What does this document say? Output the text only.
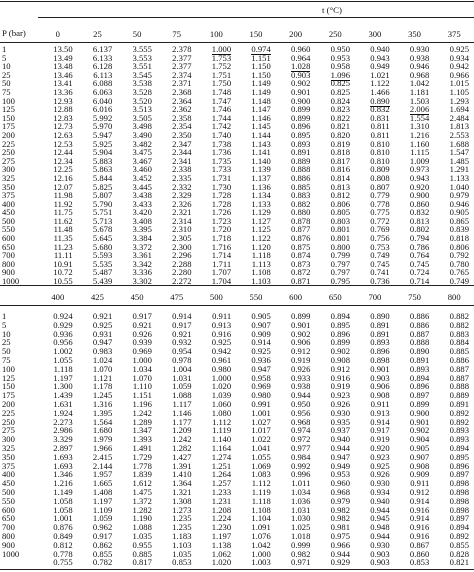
t (°C)
P (bar)	0	25	50	75	100	150	200	250	300	350	375
1	13.50	6.137	3.555	2.378	1.000	0.974	0.960	0.950	0.940	0.930	0.925
5	13.49	6.133	3.553	2.377	1.753	1.151	0.964	0.953	0.943	0.938	0.934
10	13.48	6.128	3.551	2.377	1.752	1.150	1.028	0.958	0.949	0.946	0.942
25	13.46	6.113	3.545	2.374	1.751	1.150	0.903	1.096	1.021	0.968	0.966
50	13.41	6.088	3.538	2.371	1.750	1.149	0.902	0.825	1.122	1.042	1.015
75	13.36	6.063	3.528	2.368	1.748	1.149	0.901	0.825	1.466	1.181	1.105
100	12.93	6.040	3.520	2.364	1.747	1.148	0.900	0.824	0.890	1.503	1.293
125	12.88	6.016	3.513	2.362	1.746	1.147	0.899	0.823	0.832	2.006	1.694
150	12.83	5.992	3.505	2.358	1.744	1.146	0.899	0.822	0.831	1.554	2.484
175	12.73	5.970	3.498	2.354	1.742	1.145	0.896	0.821	0.811	1.310	1.813
200	12.63	5.947	3.490	2.350	1.740	1.144	0.895	0.820	0.811	1.216	2.553
225	12.53	5.925	3.482	2.347	1.738	1.143	0.893	0.819	0.810	1.160	1.688
250	12.44	5.904	3.475	2.344	1.736	1.141	0.891	0.818	0.810	1.115	1.547
275	12.34	5.883	3.467	2.341	1.735	1.140	0.889	0.817	0.810	1.009	1.485
300	12.25	5.863	3.460	2.338	1.733	1.139	0.888	0.816	0.809	0.973	1.291
325	12.16	5.844	3.452	2.335	1.731	1.137	0.886	0.814	0.808	0.943	1.133
350	12.07	5.825	3.445	2.332	1.730	1.136	0.885	0.813	0.807	0.920	1.040
375	11.98	5.807	3.438	2.329	1.728	1.134	0.883	0.812	0.779	0.900	0.979
400	11.92	5.790	3.433	2.326	1.728	1.133	0.882	0.806	0.778	0.860	0.946
450	11.75	5.751	3.420	2.321	1.726	1.129	0.880	0.805	0.775	0.832	0.905
500	11.62	5.713	3.408	2.314	1.723	1.127	0.878	0.803	0.772	0.813	0.865
550	11.48	5.678	3.395	2.310	1.720	1.125	0.877	0.801	0.769	0.802	0.839
600	11.35	5.645	3.384	2.305	1.718	1.122	0.876	0.801	0.756	0.794	0.818
650	11.23	5.680	3.372	2.300	1.716	1.120	0.875	0.800	0.753	0.786	0.806
700	11.11	5.593	3.361	2.296	1.714	1.118	0.874	0.799	0.749	0.764	0.792
800	10.91	5.535	3.342	2.288	1.711	1.113	0.873	0.797	0.745	0.745	0.780
900	10.72	5.487	3.336	2.280	1.707	1.108	0.872	0.797	0.741	0.724	0.765
1000	10.55	5.439	3.302	2.272	1.704	1.103	0.871	0.795	0.736	0.714	0.749
400	425	450	475	500	550	600	650	700	750	800
1	0.924	0.921	0.917	0.914	0.911	0.905	0.899	0.894	0.890	0.886	0.882
5	0.929	0.925	0.921	0.917	0.913	0.907	0.901	0.895	0.891	0.886	0.882
10	0.936	0.931	0.926	0.921	0.916	0.909	0.902	0.896	0.891	0.887	0.883
25	0.956	0.947	0.939	0.932	0.925	0.914	0.906	0.899	0.893	0.888	0.884
50	1.002	0.983	0.969	0.954	0.942	0.925	0.912	0.902	0.896	0.890	0.885
75	1.055	1.024	1.000	0.978	0.961	0.936	0.919	0.908	0.898	0.891	0.886
100	1.118	1.070	1.034	1.004	0.980	0.947	0.926	0.912	0.901	0.893	0.887
125	1.197	1.121	1.070	1.031	1.000	0.958	0.933	0.916	0.903	0.894	0.887
150	1.300	1.178	1.110	1.059	1.020	0.969	0.938	0.919	0.906	0.896	0.888
175	1.439	1.245	1.151	1.088	1.039	0.980	0.944	0.923	0.908	0.897	0.889
200	1.631	1.316	1.196	1.117	1.060	0.991	0.950	0.926	0.911	0.899	0.891
225	1.924	1.395	1.242	1.146	1.080	1.001	0.956	0.930	0.913	0.900	0.892
250	2.273	1.564	1.289	1.177	1.112	1.027	0.968	0.935	0.914	0.901	0.892
275	2.986	1.680	1.347	1.209	1.119	1.017	0.974	0.937	0.917	0.902	0.893
300	3.329	1.979	1.393	1.242	1.140	1.022	0.972	0.940	0.919	0.904	0.893
325	2.897	1.966	1.491	1.282	1.164	1.041	0.977	0.944	0.920	0.905	0.894
350	1.693	2.415	1.729	1.427	1.274	1.055	0.984	0.947	0.923	0.907	0.895
375	1.693	2.144	1.778	1.391	1.251	1.069	0.992	0.949	0.925	0.908	0.896
400	1.346	1.957	1.839	1.410	1.264	1.083	0.996	0.953	0.926	0.909	0.897
450	1.216	1.665	1.612	1.364	1.257	1.112	1.011	0.960	0.930	0.911	0.898
500	1.149	1.408	1.475	1.321	1.233	1.119	1.034	0.968	0.934	0.912	0.898
550	1.058	1.197	1.372	1.308	1.231	1.118	1.036	0.979	0.940	0.914	0.898
600	1.058	1.109	1.282	1.273	1.208	1.108	1.031	0.982	0.944	0.916	0.898
650	1.001	1.059	1.190	1.235	1.224	1.104	1.030	0.982	0.945	0.914	0.897
700	0.876	0.962	1.088	1.235	1.230	1.091	1.025	0.981	0.948	0.916	0.894
800	0.849	0.917	1.035	1.183	1.197	1.076	1.018	0.975	0.944	0.916	0.892
900	0.812	0.862	0.955	1.103	1.138	1.042	0.999	0.966	0.930	0.867	0.855
1000	0.778	0.855	0.885	1.035	1.062	1.000	0.982	0.944	0.903	0.860	0.828
	0.755	0.782	0.817	0.853	1.020	1.003	0.971	0.929	0.903	0.853	0.821
